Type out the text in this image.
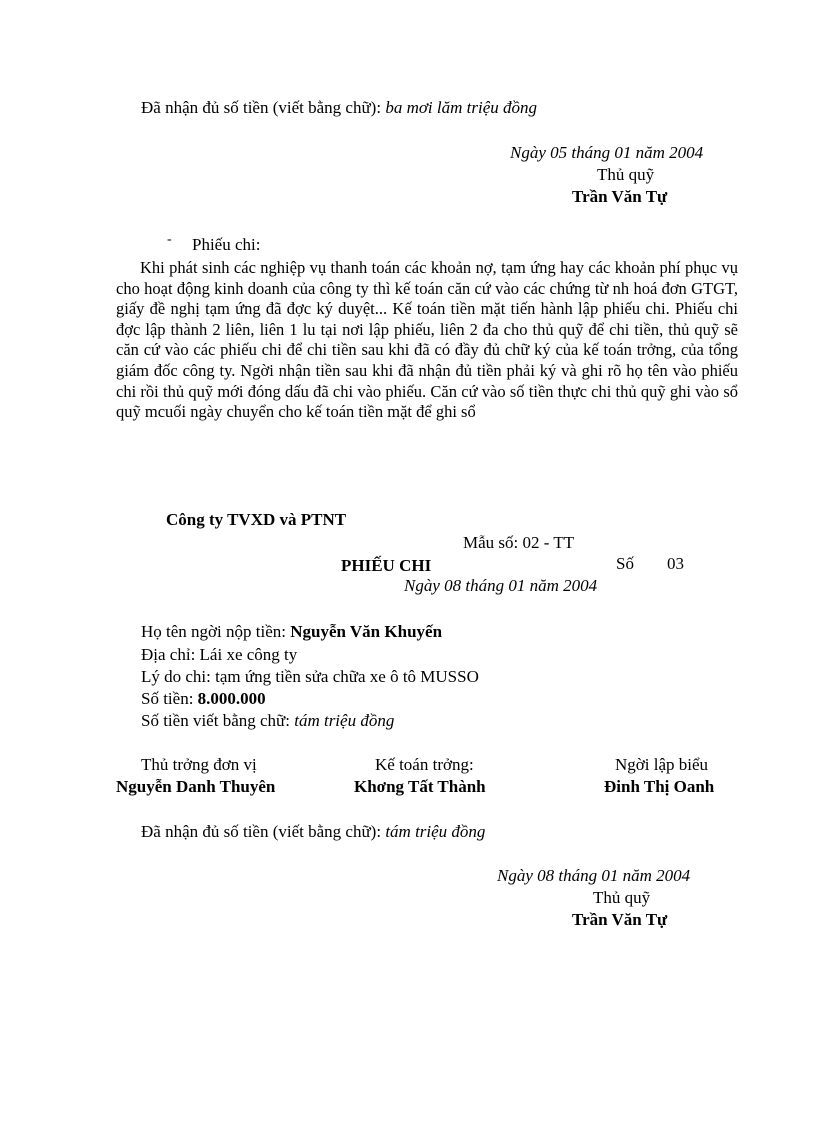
Đã nhận đủ số tiền (viết bằng chữ): ba mơi lăm triệu đồng
Ngày 05 tháng 01 năm 2004
Thủ quỹ
Trần Văn Tự
- Phiếu chi:
Khi phát sinh các nghiệp vụ thanh toán các khoản nợ, tạm ứng hay các khoản phí phục vụ cho hoạt động kinh doanh của công ty thì kế toán căn cứ vào các chứng từ nh hoá đơn GTGT, giấy đề nghị tạm ứng đã đợc ký duyệt... Kế toán tiền mặt tiến hành lập phiếu chi. Phiếu chi đợc lập thành 2 liên, liên 1 lu tại nơi lập phiếu, liên 2 đa cho thủ quỹ để chi tiền, thủ quỹ sẽ căn cứ vào các phiếu chi để chi tiền sau khi đã có đầy đủ chữ ký của kế toán trởng, của tổng giám đốc công ty. Ngời nhận tiền sau khi đã nhận đủ tiền phải ký và ghi rõ họ tên vào phiếu chi rồi thủ quỹ mới đóng dấu đã chi vào phiếu. Căn cứ vào số tiền thực chi thủ quỹ ghi vào sổ quỹ mcuối ngày chuyển cho kế toán tiền mặt để ghi sổ
Công ty TVXD và PTNT
Mẫu số: 02 - TT
PHIẾU CHI	Số 03
Ngày 08 tháng 01 năm 2004
Họ tên ngời nộp tiền: Nguyễn Văn Khuyến
Địa chỉ: Lái xe công ty
Lý do chi: tạm ứng tiền sửa chữa xe ô tô MUSSO
Số tiền: 8.000.000
Số tiền viết bằng chữ: tám triệu đồng
Thủ trởng đơn vị
Nguyễn Danh Thuyên
Kế toán trởng:
Khơng Tất Thành
Ngời lập biểu
Đinh Thị Oanh
Đã nhận đủ số tiền (viết bằng chữ): tám triệu đồng
Ngày 08 tháng 01 năm 2004
Thủ quỹ
Trần Văn Tự
